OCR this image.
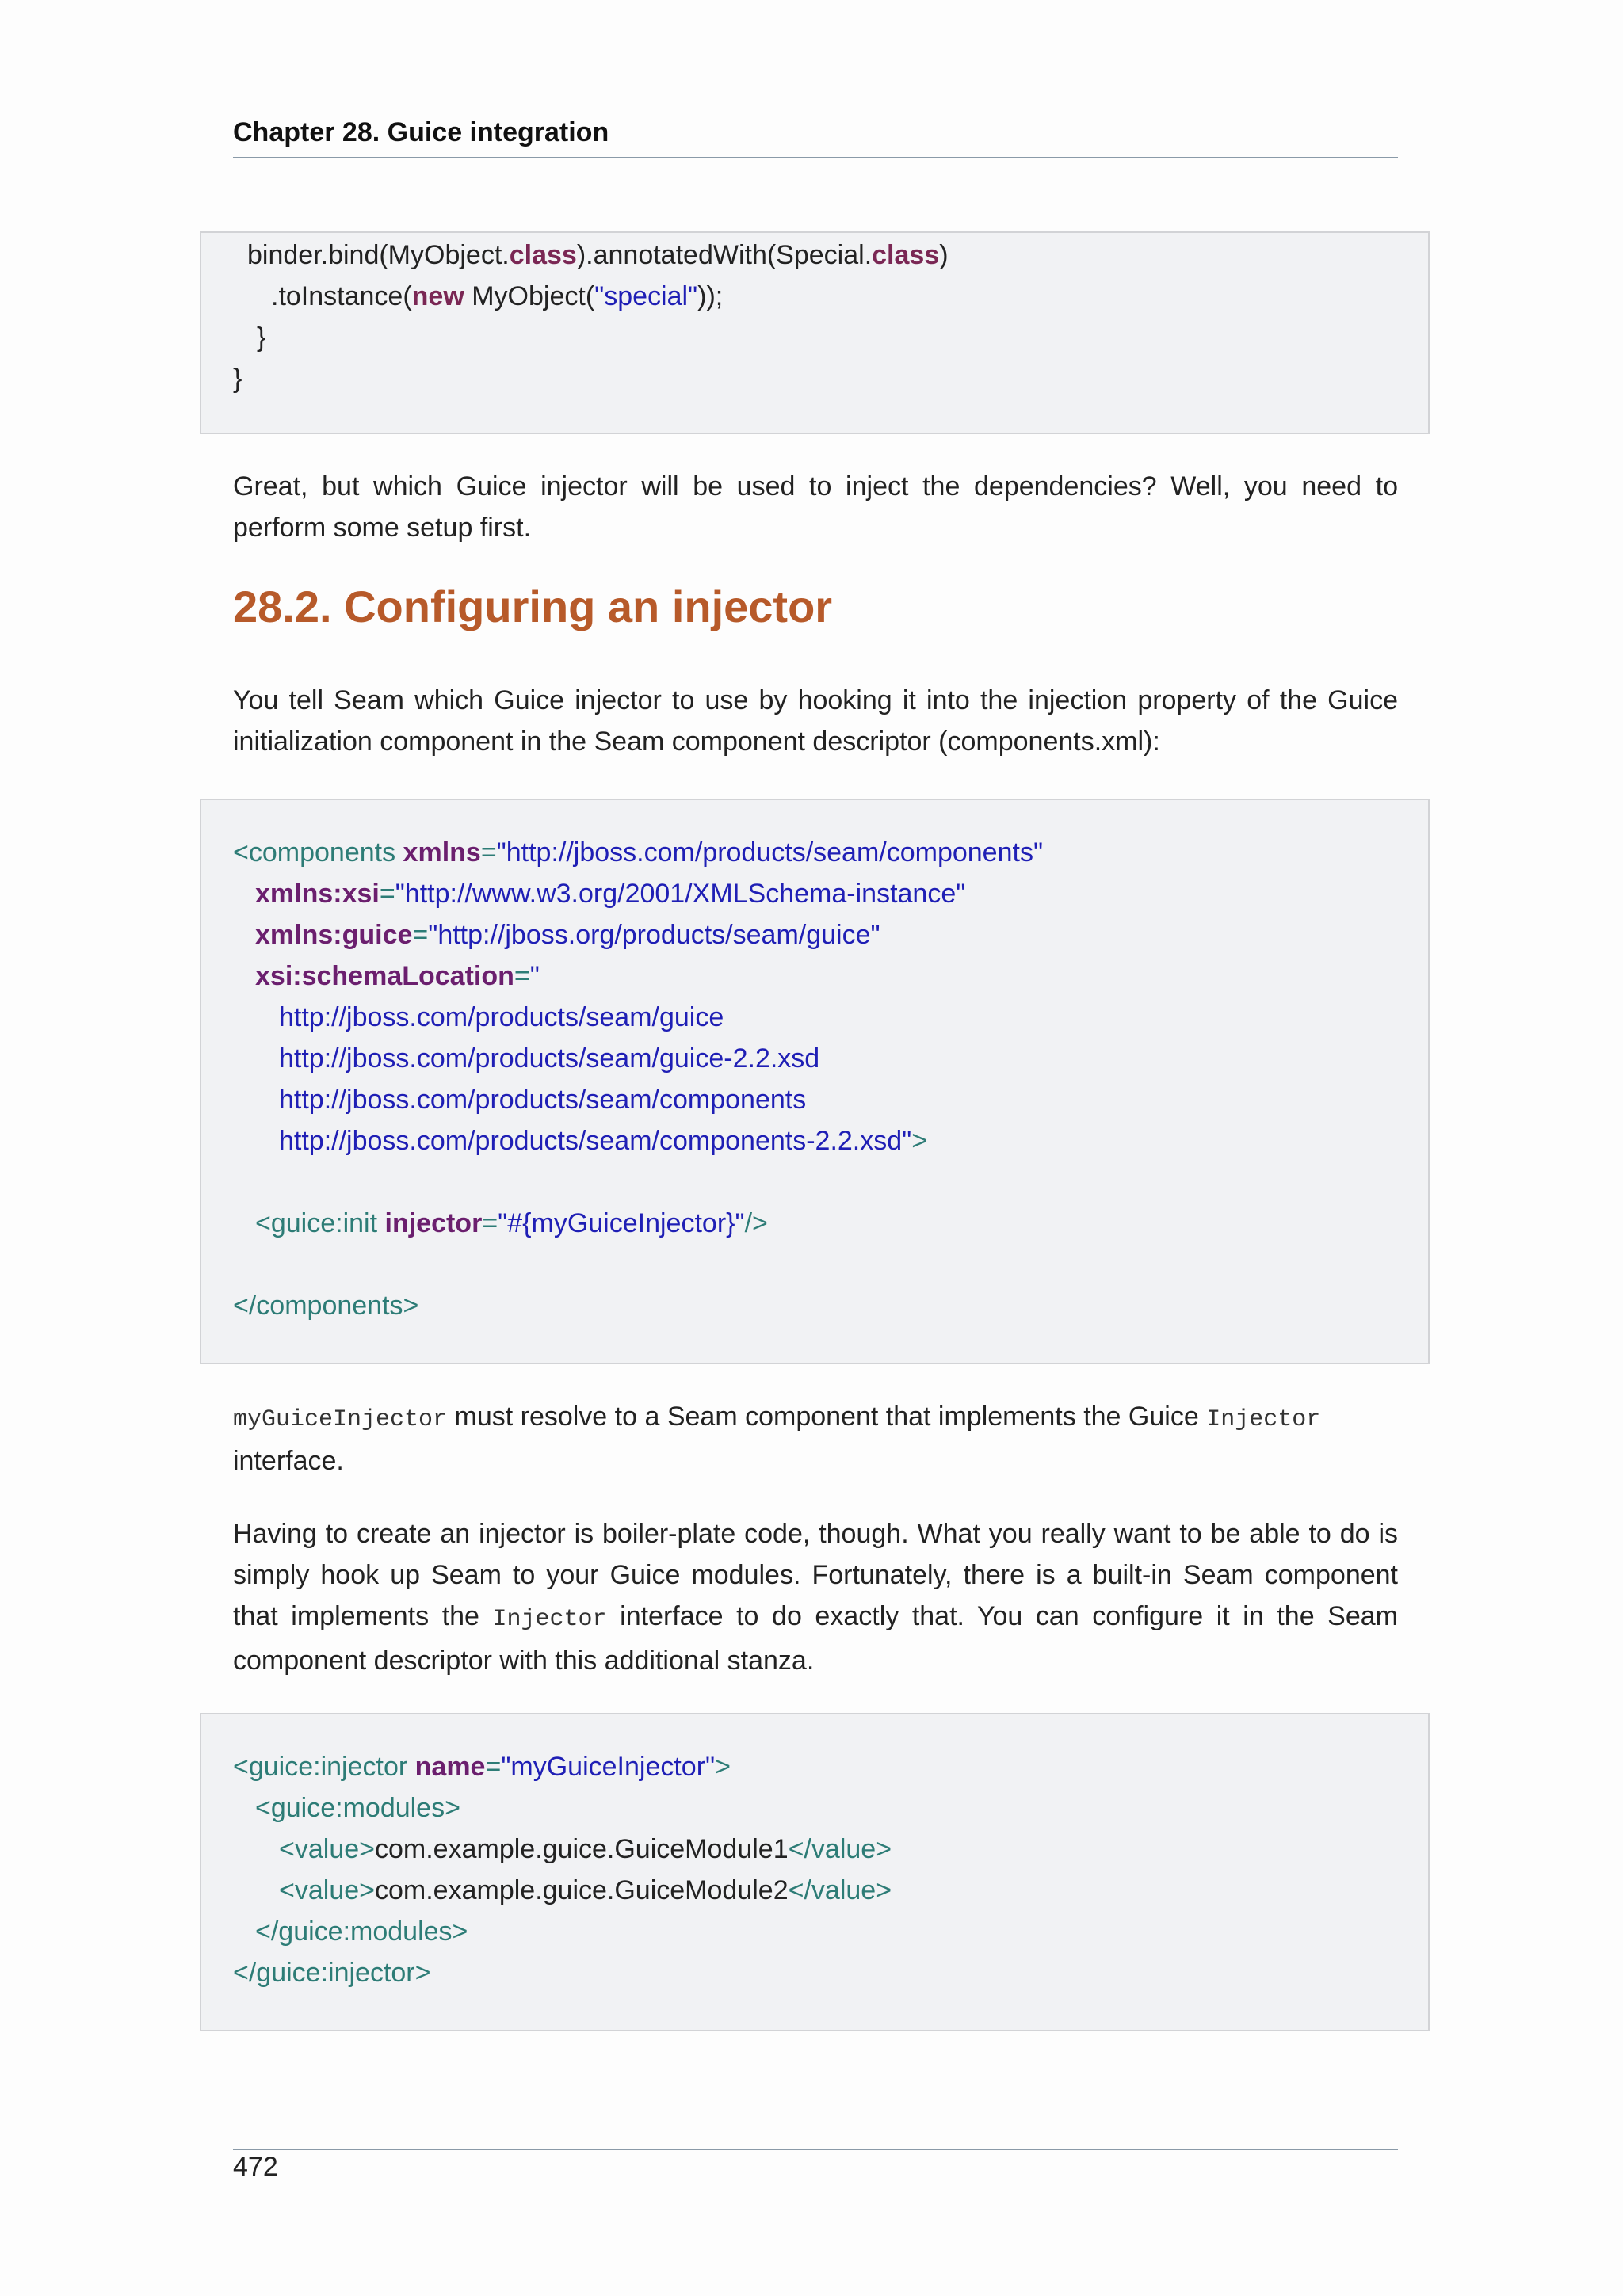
Chapter 28. Guice integration
binder.bind(MyObject.class).annotatedWith(Special.class)
.toInstance(new MyObject("special"));
}
}
Great, but which Guice injector will be used to inject the dependencies? Well, you need to perform some setup first.
28.2. Configuring an injector
You tell Seam which Guice injector to use by hooking it into the injection property of the Guice initialization component in the Seam component descriptor (components.xml):
<components xmlns="http://jboss.com/products/seam/components"
xmlns:xsi="http://www.w3.org/2001/XMLSchema-instance"
xmlns:guice="http://jboss.org/products/seam/guice"
xsi:schemaLocation="
http://jboss.com/products/seam/guice
http://jboss.com/products/seam/guice-2.2.xsd
http://jboss.com/products/seam/components
http://jboss.com/products/seam/components-2.2.xsd">
<guice:init injector="#{myGuiceInjector}"/>
</components>
myGuiceInjector must resolve to a Seam component that implements the Guice Injector
interface.
Having to create an injector is boiler-plate code, though. What you really want to be able to do is simply hook up Seam to your Guice modules. Fortunately, there is a built-in Seam component that implements the Injector interface to do exactly that. You can configure it in the Seam component descriptor with this additional stanza.
<guice:injector name="myGuiceInjector">
<guice:modules>
<value>com.example.guice.GuiceModule1</value>
<value>com.example.guice.GuiceModule2</value>
</guice:modules>
</guice:injector>
472
